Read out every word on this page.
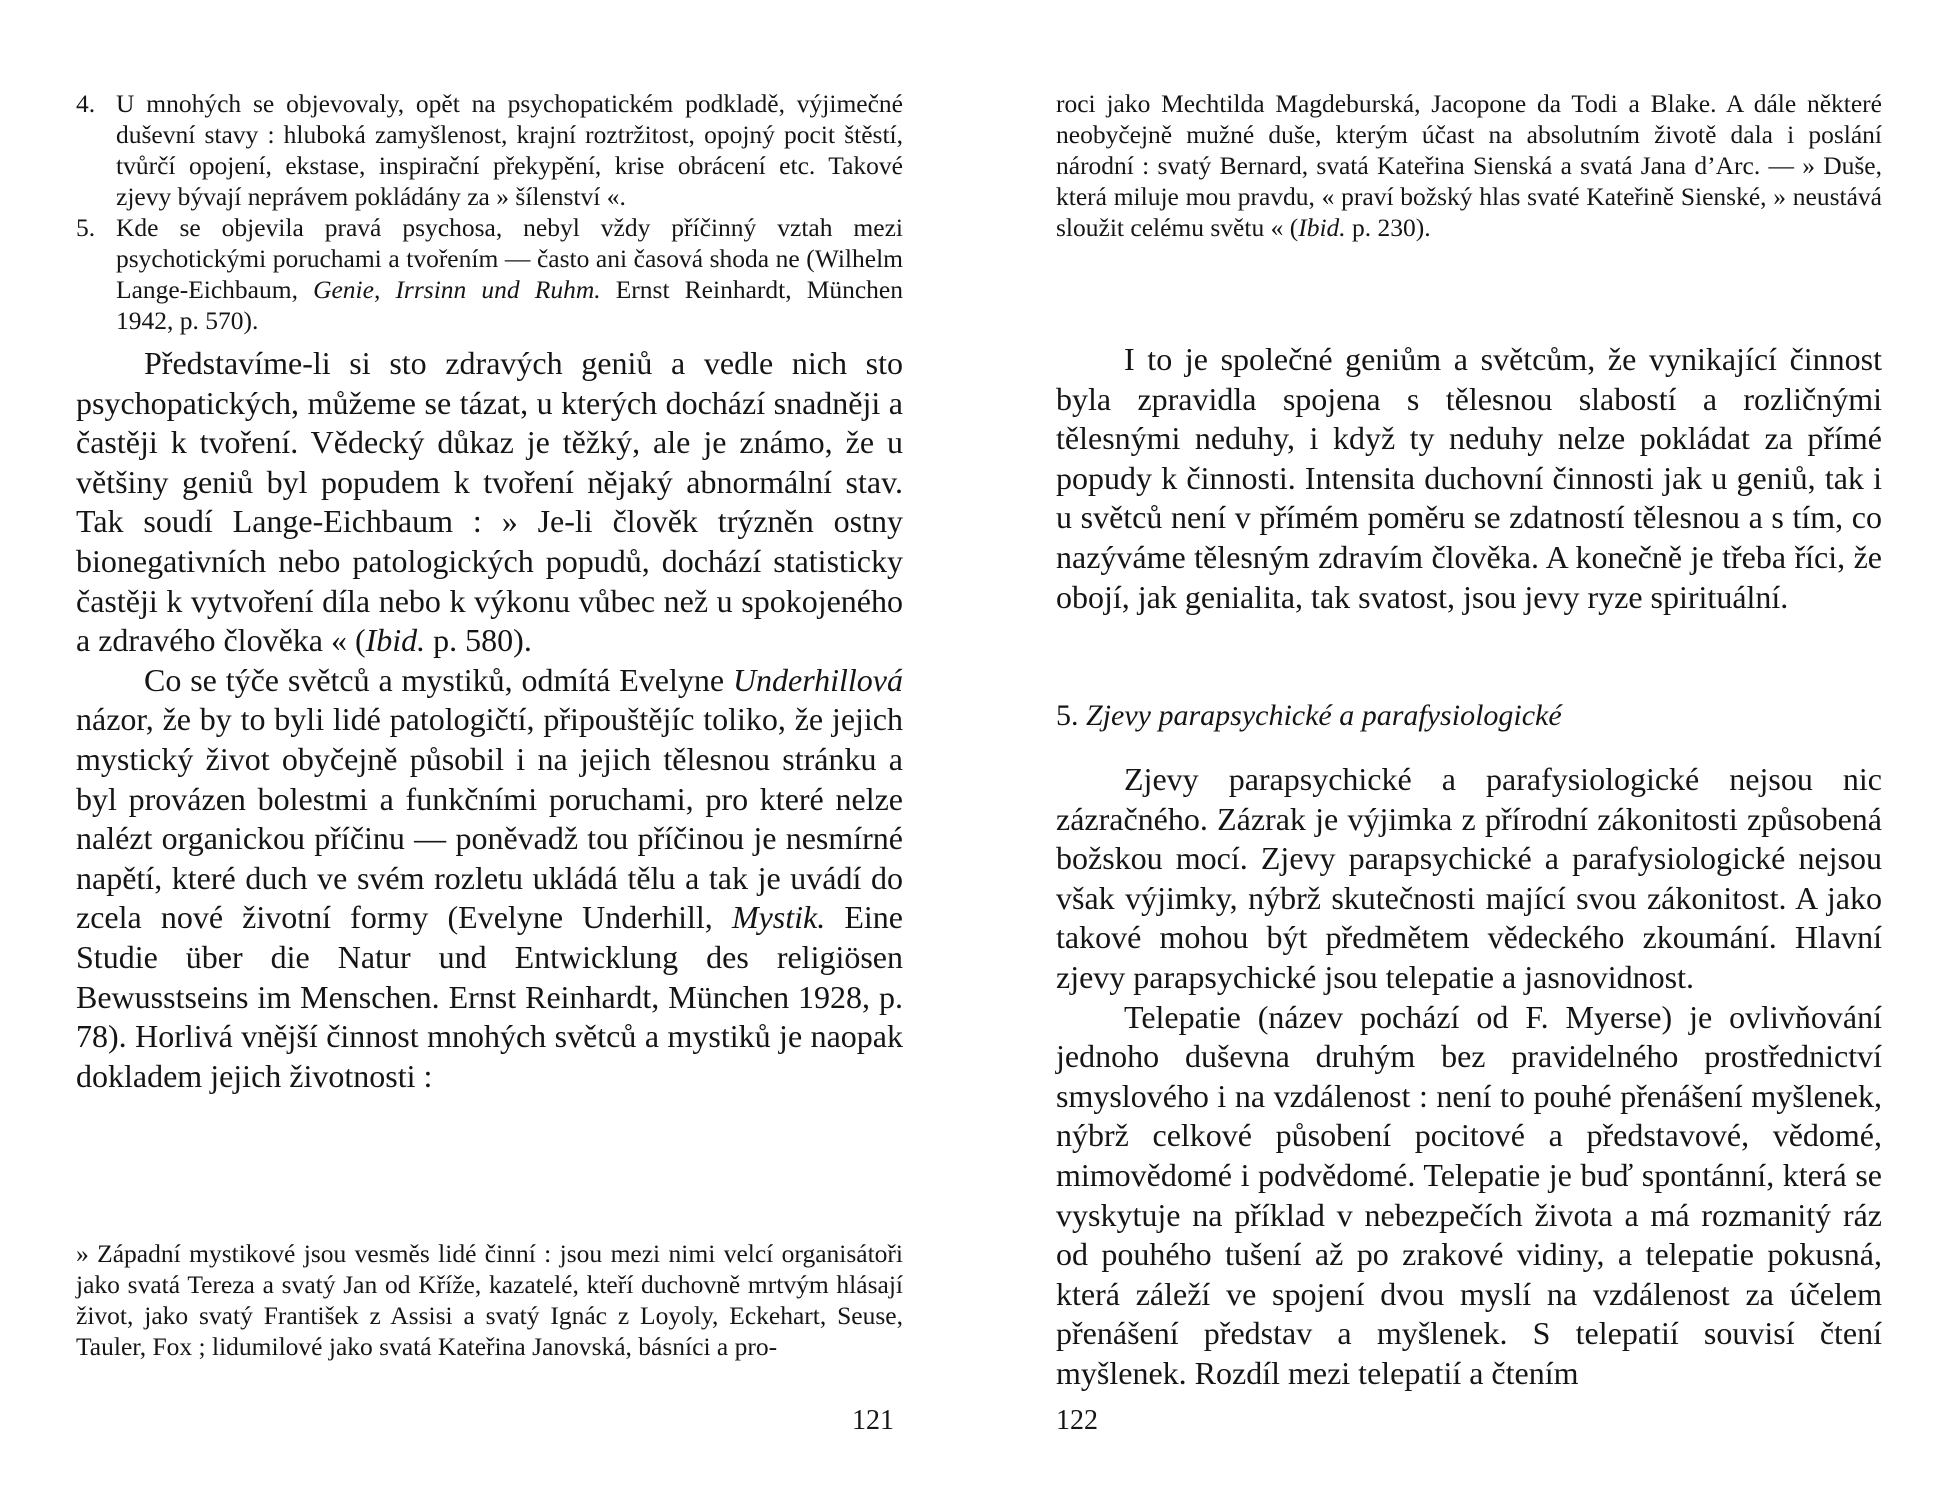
4. U mnohých se objevovaly, opět na psychopatickém podkladě, výjimečné duševní stavy : hluboká zamyšlenost, krajní roztržitost, opojný pocit štěstí, tvůrčí opojení, ekstase, inspirační překypění, krise obrácení etc. Takové zjevy bývají neprávem pokládány za » šílenství «.
5. Kde se objevila pravá psychosa, nebyl vždy příčinný vztah mezi psychotickými poruchami a tvořením — často ani časová shoda ne (Wilhelm Lange-Eichbaum, Genie, Irrsinn und Ruhm. Ernst Reinhardt, München 1942, p. 570).

Představíme-li si sto zdravých geniů a vedle nich sto psychopatických, můžeme se tázat, u kterých dochází snadněji a častěji k tvoření. Vědecký důkaz je těžký, ale je známo, že u většiny geniů byl popudem k tvoření nějaký abnormální stav. Tak soudí Lange-Eichbaum : » Je-li člověk trýzněn ostny bionegativních nebo patologických popudů, dochází statisticky častěji k vytvoření díla nebo k výkonu vůbec než u spokojeného a zdravého člověka « (Ibid. p. 580).

Co se týče světců a mystiků, odmítá Evelyne Underhillová názor, že by to byli lidé patologičtí, připouštějíc toliko, že jejich mystický život obyčejně působil i na jejich tělesnou stránku a byl provázen bolestmi a funkčními poruchami, pro které nelze nalézt organickou příčinu — poněvadž tou příčinou je nesmírné napětí, které duch ve svém rozletu ukládá tělu a tak je uvádí do zcela nové životní formy (Evelyne Underhill, Mystik. Eine Studie über die Natur und Entwicklung des religiösen Bewusstseins im Menschen. Ernst Reinhardt, München 1928, p. 78). Horlivá vnější činnost mnohých světců a mystiků je naopak dokladem jejich životnosti :

» Západní mystikové jsou vesměs lidé činní : jsou mezi nimi velcí organisátoři jako svatá Tereza a svatý Jan od Kříže, kazatelé, kteří duchovně mrtvým hlásají život, jako svatý František z Assisi a svatý Ignác z Loyoly, Eckehart, Seuse, Tauler, Fox ; lidumilové jako svatá Kateřina Janovská, básníci a pro-

121

roci jako Mechtilda Magdeburská, Jacopone da Todi a Blake. A dále některé neobyčejně mužné duše, kterým účast na absolutním životě dala i poslání národní : svatý Bernard, svatá Kateřina Sienská a svatá Jana d’Arc. — » Duše, která miluje mou pravdu, « praví božský hlas svaté Kateřině Sienské, » neustává sloužit celému světu « (Ibid. p. 230).

I to je společné geniům a světcům, že vynikající činnost byla zpravidla spojena s tělesnou slabostí a rozličnými tělesnými neduhy, i když ty neduhy nelze pokládat za přímé popudy k činnosti. Intensita duchovní činnosti jak u geniů, tak i u světců není v přímém poměru se zdatností tělesnou a s tím, co nazýváme tělesným zdravím člověka. A konečně je třeba říci, že obojí, jak genialita, tak svatost, jsou jevy ryze spirituální.

5. Zjevy parapsychické a parafysiologické

Zjevy parapsychické a parafysiologické nejsou nic zázračného. Zázrak je výjimka z přírodní zákonitosti způsobená božskou mocí. Zjevy parapsychické a parafysiologické nejsou však výjimky, nýbrž skutečnosti mající svou zákonitost. A jako takové mohou být předmětem vědeckého zkoumání. Hlavní zjevy parapsychické jsou telepatie a jasnovidnost.

Telepatie (název pochází od F. Myerse) je ovlivňování jednoho duševna druhým bez pravidelného prostřednictví smyslového i na vzdálenost : není to pouhé přenášení myšlenek, nýbrž celkové působení pocitové a představové, vědomé, mimovědomé i podvědomé. Telepatie je buď spontánní, která se vyskytuje na příklad v nebezpečích života a má rozmanitý ráz od pouhého tušení až po zrakové vidiny, a telepatie pokusná, která záleží ve spojení dvou myslí na vzdálenost za účelem přenášení představ a myšlenek. S telepatií souvisí čtení myšlenek. Rozdíl mezi telepatií a čtením

122
